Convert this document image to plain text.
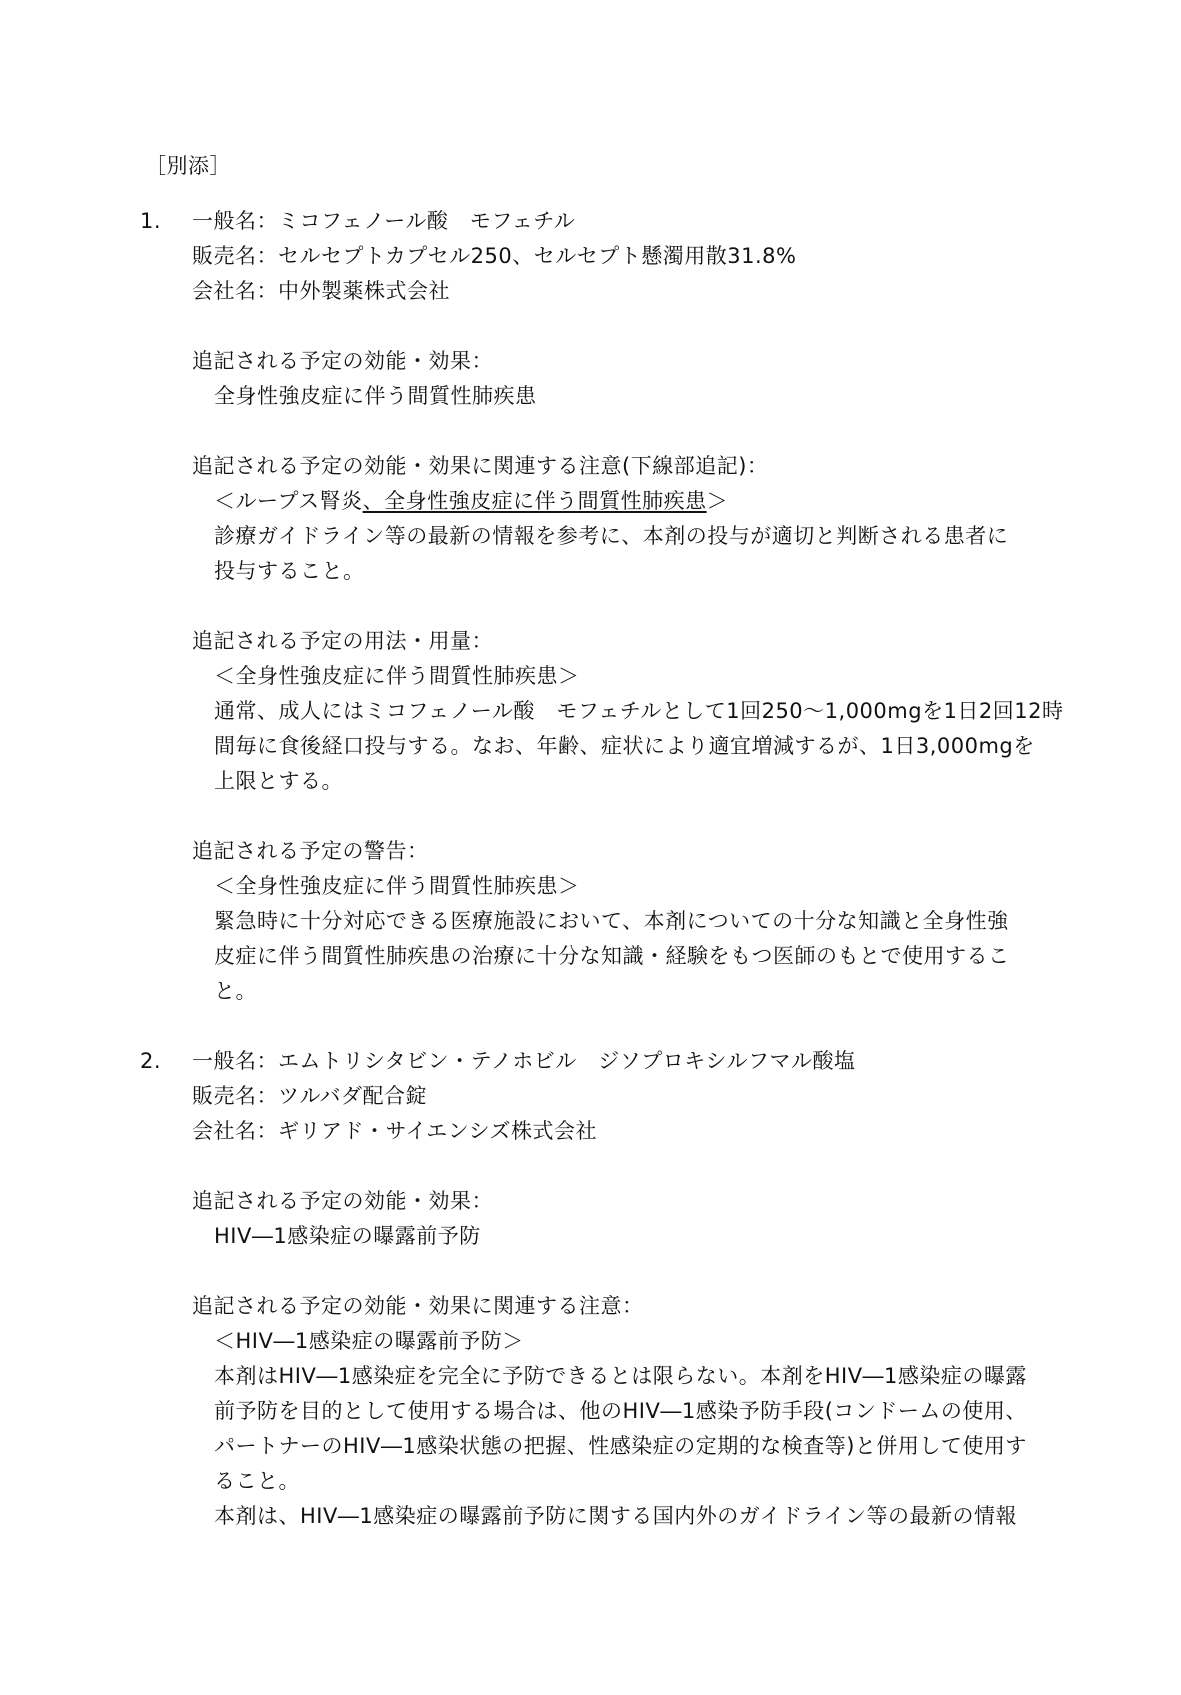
［別添］
1. 一般名：ミコフェノール酸　モフェチル
販売名：セルセプトカプセル250、セルセプト懸濁用散31.8%
会社名：中外製薬株式会社
追記される予定の効能・効果：
全身性強皮症に伴う間質性肺疾患
追記される予定の効能・効果に関連する注意(下線部追記)：
＜ループス腎炎、全身性強皮症に伴う間質性肺疾患＞
診療ガイドライン等の最新の情報を参考に、本剤の投与が適切と判断される患者に
投与すること。
追記される予定の用法・用量：
＜全身性強皮症に伴う間質性肺疾患＞
通常、成人にはミコフェノール酸　モフェチルとして1回250〜1,000mgを1日2回12時
間毎に食後経口投与する。なお、年齢、症状により適宜増減するが、1日3,000mgを
上限とする。
追記される予定の警告：
＜全身性強皮症に伴う間質性肺疾患＞
緊急時に十分対応できる医療施設において、本剤についての十分な知識と全身性強
皮症に伴う間質性肺疾患の治療に十分な知識・経験をもつ医師のもとで使用するこ
と。
2. 一般名：エムトリシタビン・テノホビル　ジソプロキシルフマル酸塩
販売名：ツルバダ配合錠
会社名：ギリアド・サイエンシズ株式会社
追記される予定の効能・効果：
HIV―1感染症の曝露前予防
追記される予定の効能・効果に関連する注意：
＜HIV―1感染症の曝露前予防＞
本剤はHIV―1感染症を完全に予防できるとは限らない。本剤をHIV―1感染症の曝露
前予防を目的として使用する場合は、他のHIV―1感染予防手段(コンドームの使用、
パートナーのHIV―1感染状態の把握、性感染症の定期的な検査等)と併用して使用す
ること。
本剤は、HIV―1感染症の曝露前予防に関する国内外のガイドライン等の最新の情報
